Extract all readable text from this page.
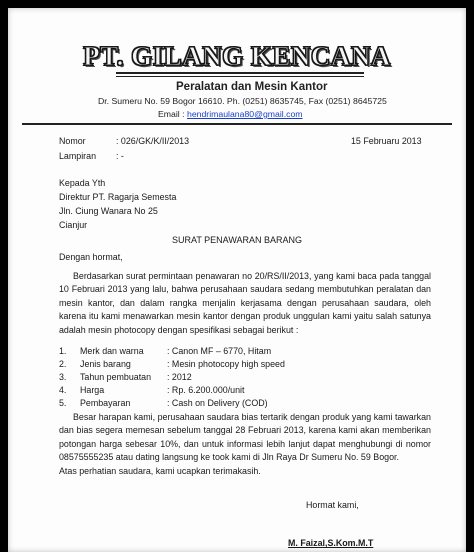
PT. GILANG KENCANA
Peralatan dan Mesin Kantor
Dr. Sumeru No. 59 Bogor 16610. Ph. (0251) 8635745, Fax (0251) 8645725
Email : hendrimaulana80@gmail.com
Nomor	: 026/GK/K/II/2013	15 Februaru 2013
Lampiran : -
Kepada Yth
Direktur PT. Ragarja Semesta
Jln. Ciung Wanara No 25
Cianjur
SURAT PENAWARAN BARANG
Dengan hormat,
Berdasarkan surat permintaan penawaran no 20/RS/II/2013, yang kami baca pada tanggal 10 Februari 2013 yang lalu, bahwa perusahaan saudara sedang membutuhkan peralatan dan mesin kantor, dan dalam rangka menjalin kerjasama dengan perusahaan saudara, oleh karena itu kami menawarkan mesin kantor dengan produk unggulan kami yaitu salah satunya adalah mesin photocopy dengan spesifikasi sebagai berikut :
1. Merk dan warna	: Canon MF – 6770, Hitam
2. Jenis barang	: Mesin photocopy high speed
3. Tahun pembuatan : 2012
4. Harga	: Rp. 6.200.000/unit
5. Pembayaran	: Cash on Delivery (COD)
Besar harapan kami, perusahaan saudara bias tertarik dengan produk yang kami tawarkan dan bias segera memesan sebelum tanggal 28 Februari 2013, karena kami akan memberikan potongan harga sebesar 10%, dan untuk informasi lebih lanjut dapat menghubungi di nomor 08575555235 atau dating langsung ke took kami di Jln Raya Dr Sumeru No. 59 Bogor.
Atas perhatian saudara, kami ucapkan terimakasih.
Hormat kami,
M. Faizal,S.Kom.M.T
